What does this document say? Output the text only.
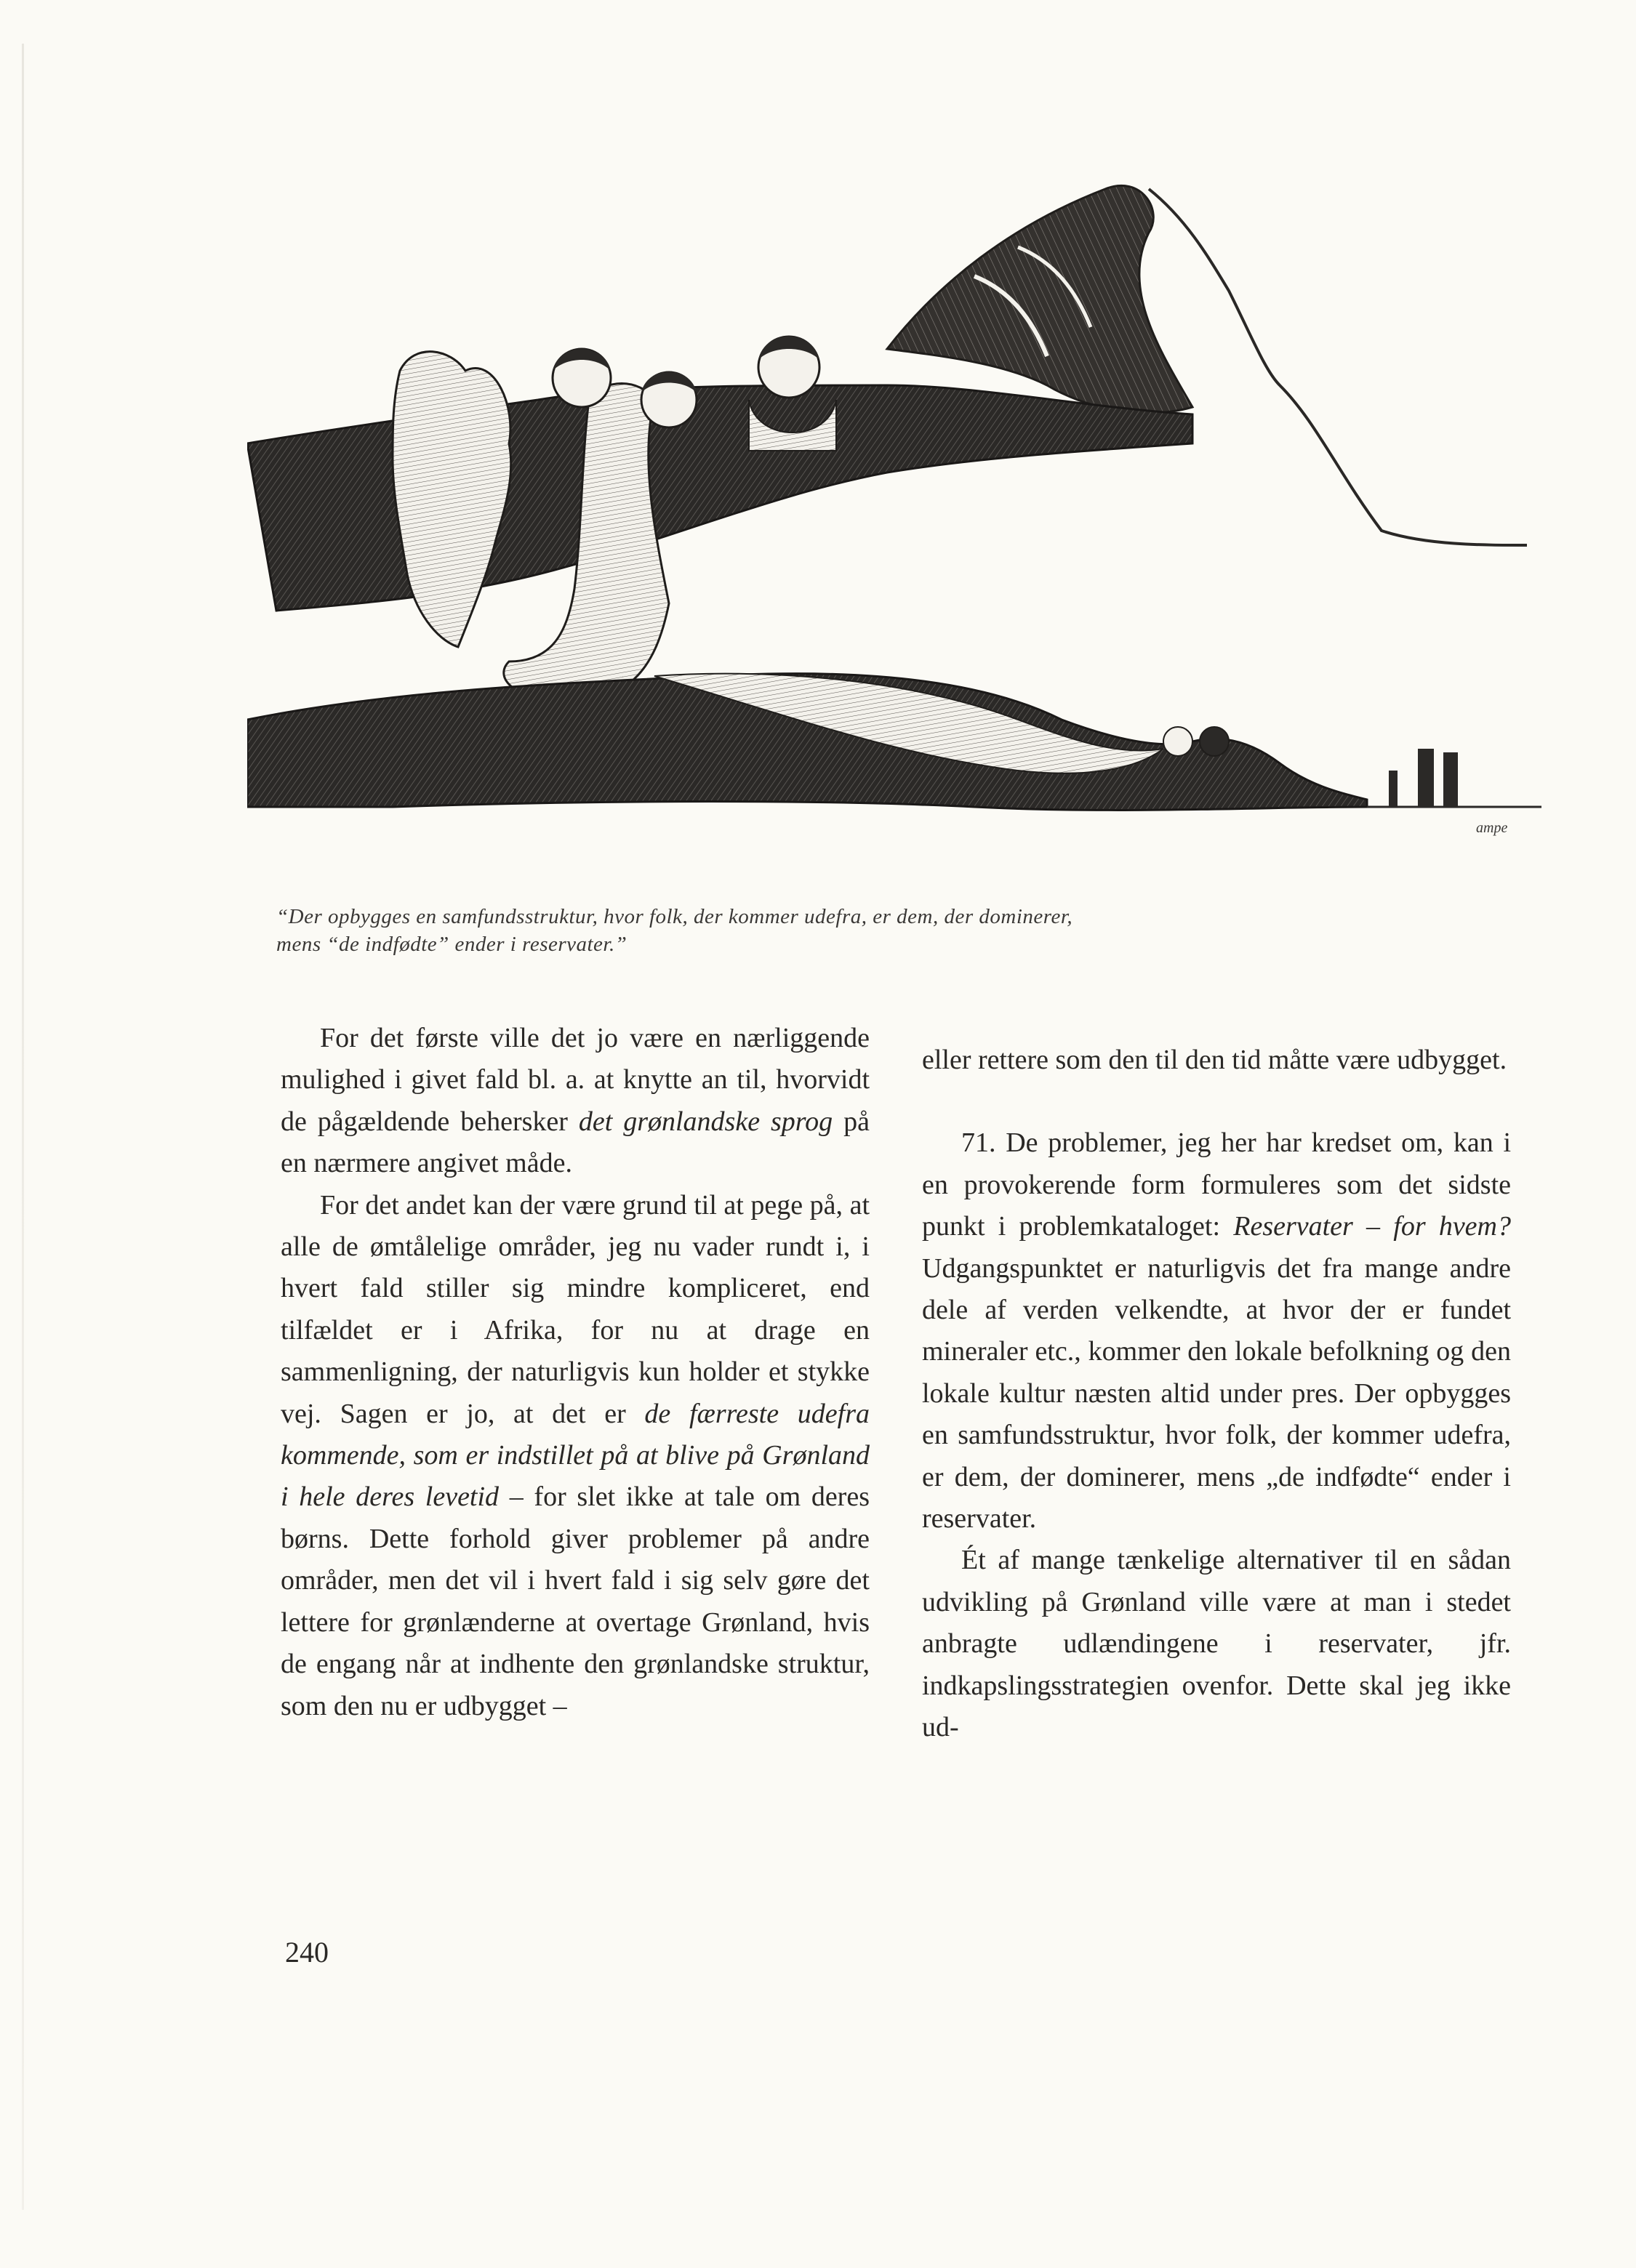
ampe
“Der opbygges en samfundsstruktur, hvor folk, der kommer udefra, er dem, der dominerer,
mens “de indfødte” ender i reservater.”

For det første ville det jo være en nærliggende mulighed i givet fald bl. a. at knytte an til, hvorvidt de pågældende behersker det grønlandske sprog på en nærmere angivet måde.

For det andet kan der være grund til at pege på, at alle de ømtålelige områder, jeg nu vader rundt i, i hvert fald stiller sig mindre kompliceret, end tilfældet er i Afrika, for nu at drage en sammenligning, der naturligvis kun holder et stykke vej. Sagen er jo, at det er de færreste udefra kommende, som er indstillet på at blive på Grønland i hele deres levetid – for slet ikke at tale om deres børns. Dette forhold giver problemer på andre områder, men det vil i hvert fald i sig selv gøre det lettere for grønlænderne at overtage Grønland, hvis de engang når at indhente den grønlandske struktur, som den nu er udbygget –

eller rettere som den til den tid måtte være udbygget.

71. De problemer, jeg her har kredset om, kan i en provokerende form formuleres som det sidste punkt i problemkataloget: Reservater – for hvem? Udgangspunktet er naturligvis det fra mange andre dele af verden velkendte, at hvor der er fundet mineraler etc., kommer den lokale befolkning og den lokale kultur næsten altid under pres. Der opbygges en samfundsstruktur, hvor folk, der kommer udefra, er dem, der dominerer, mens „de indfødte“ ender i reservater.

Ét af mange tænkelige alternativer til en sådan udvikling på Grønland ville være at man i stedet anbragte udlændingene i reservater, jfr. indkapslingsstrategien ovenfor. Dette skal jeg ikke ud-

240
